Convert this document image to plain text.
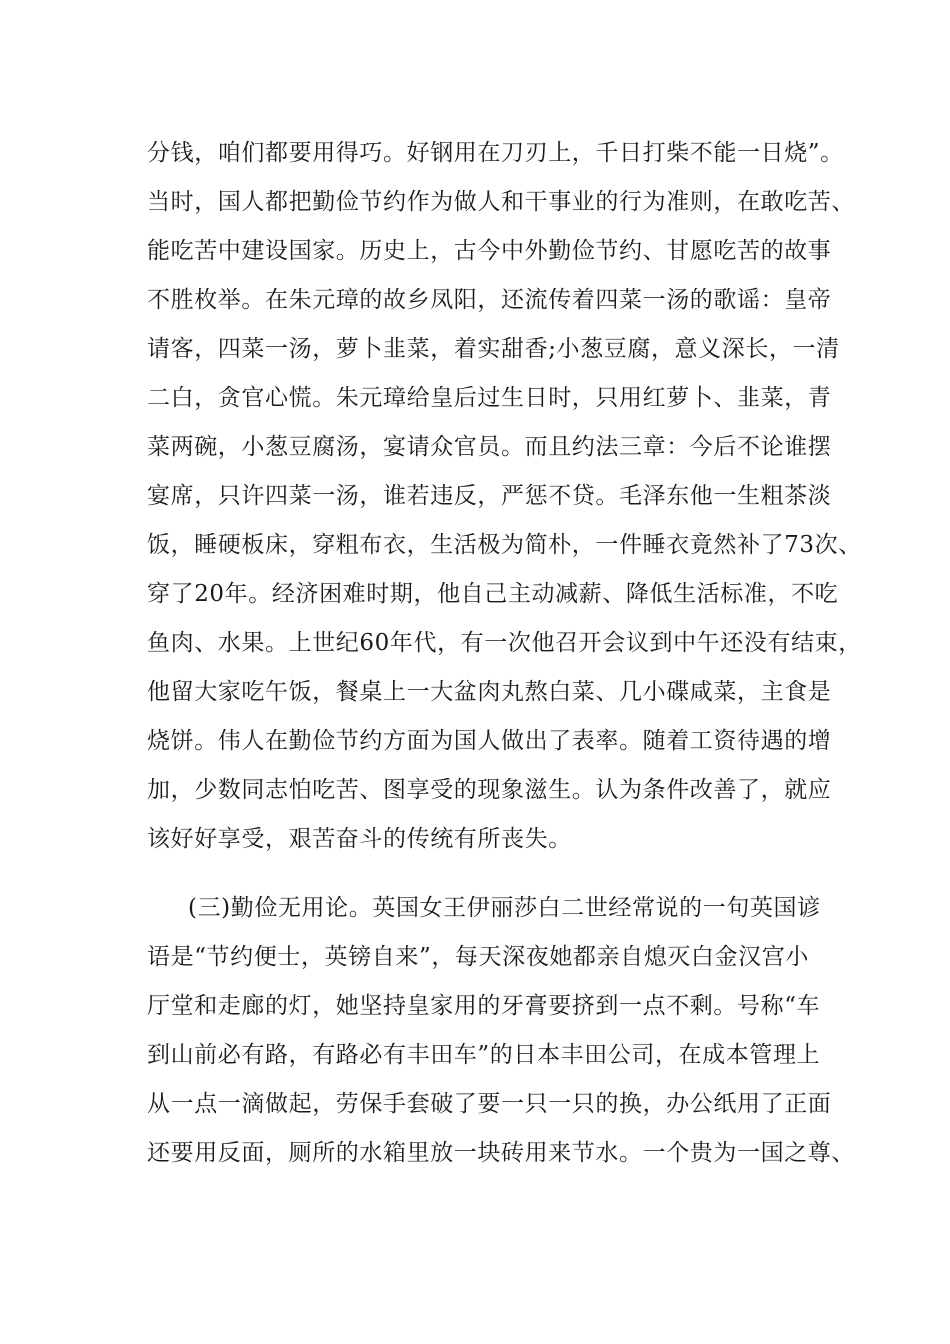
分钱，咱们都要用得巧。好钢用在刀刃上，千日打柴不能一日烧”。
当时，国人都把勤俭节约作为做人和干事业的行为准则，在敢吃苦、
能吃苦中建设国家。历史上，古今中外勤俭节约、甘愿吃苦的故事
不胜枚举。在朱元璋的故乡凤阳，还流传着四菜一汤的歌谣：皇帝
请客，四菜一汤，萝卜韭菜，着实甜香;小葱豆腐，意义深长，一清
二白，贪官心慌。朱元璋给皇后过生日时，只用红萝卜、韭菜，青
菜两碗，小葱豆腐汤，宴请众官员。而且约法三章：今后不论谁摆
宴席，只许四菜一汤，谁若违反，严惩不贷。毛泽东他一生粗茶淡
饭，睡硬板床，穿粗布衣，生活极为简朴，一件睡衣竟然补了73次、
穿了20年。经济困难时期，他自己主动减薪、降低生活标准，不吃
鱼肉、水果。上世纪60年代，有一次他召开会议到中午还没有结束，
他留大家吃午饭，餐桌上一大盆肉丸熬白菜、几小碟咸菜，主食是
烧饼。伟人在勤俭节约方面为国人做出了表率。随着工资待遇的增
加，少数同志怕吃苦、图享受的现象滋生。认为条件改善了，就应
该好好享受，艰苦奋斗的传统有所丧失。
(三)勤俭无用论。英国女王伊丽莎白二世经常说的一句英国谚
语是“节约便士，英镑自来”，每天深夜她都亲自熄灭白金汉宫小
厅堂和走廊的灯，她坚持皇家用的牙膏要挤到一点不剩。号称“车
到山前必有路，有路必有丰田车”的日本丰田公司，在成本管理上
从一点一滴做起，劳保手套破了要一只一只的换，办公纸用了正面
还要用反面，厕所的水箱里放一块砖用来节水。一个贵为一国之尊、
